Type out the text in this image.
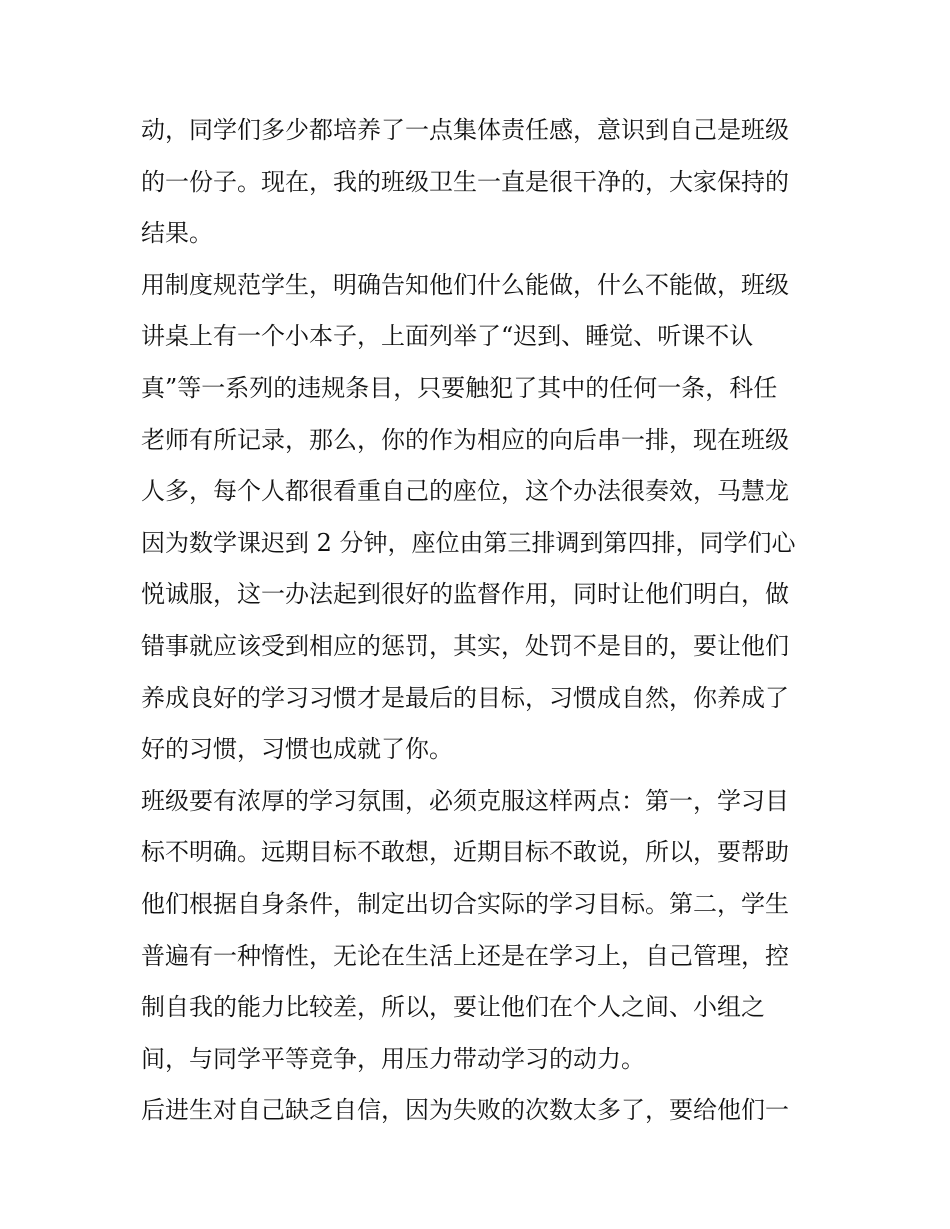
动，同学们多少都培养了一点集体责任感，意识到自己是班级
的一份子。现在，我的班级卫生一直是很干净的，大家保持的
结果。
用制度规范学生，明确告知他们什么能做，什么不能做，班级
讲桌上有一个小本子，上面列举了“迟到、睡觉、听课不认
真”等一系列的违规条目，只要触犯了其中的任何一条，科任
老师有所记录，那么，你的作为相应的向后串一排，现在班级
人多，每个人都很看重自己的座位，这个办法很奏效，马慧龙
因为数学课迟到 2 分钟，座位由第三排调到第四排，同学们心
悦诚服，这一办法起到很好的监督作用，同时让他们明白，做
错事就应该受到相应的惩罚，其实，处罚不是目的，要让他们
养成良好的学习习惯才是最后的目标，习惯成自然，你养成了
好的习惯，习惯也成就了你。
班级要有浓厚的学习氛围，必须克服这样两点：第一，学习目
标不明确。远期目标不敢想，近期目标不敢说，所以，要帮助
他们根据自身条件，制定出切合实际的学习目标。第二，学生
普遍有一种惰性，无论在生活上还是在学习上，自己管理，控
制自我的能力比较差，所以，要让他们在个人之间、小组之
间，与同学平等竞争，用压力带动学习的动力。
后进生对自己缺乏自信，因为失败的次数太多了，要给他们一
